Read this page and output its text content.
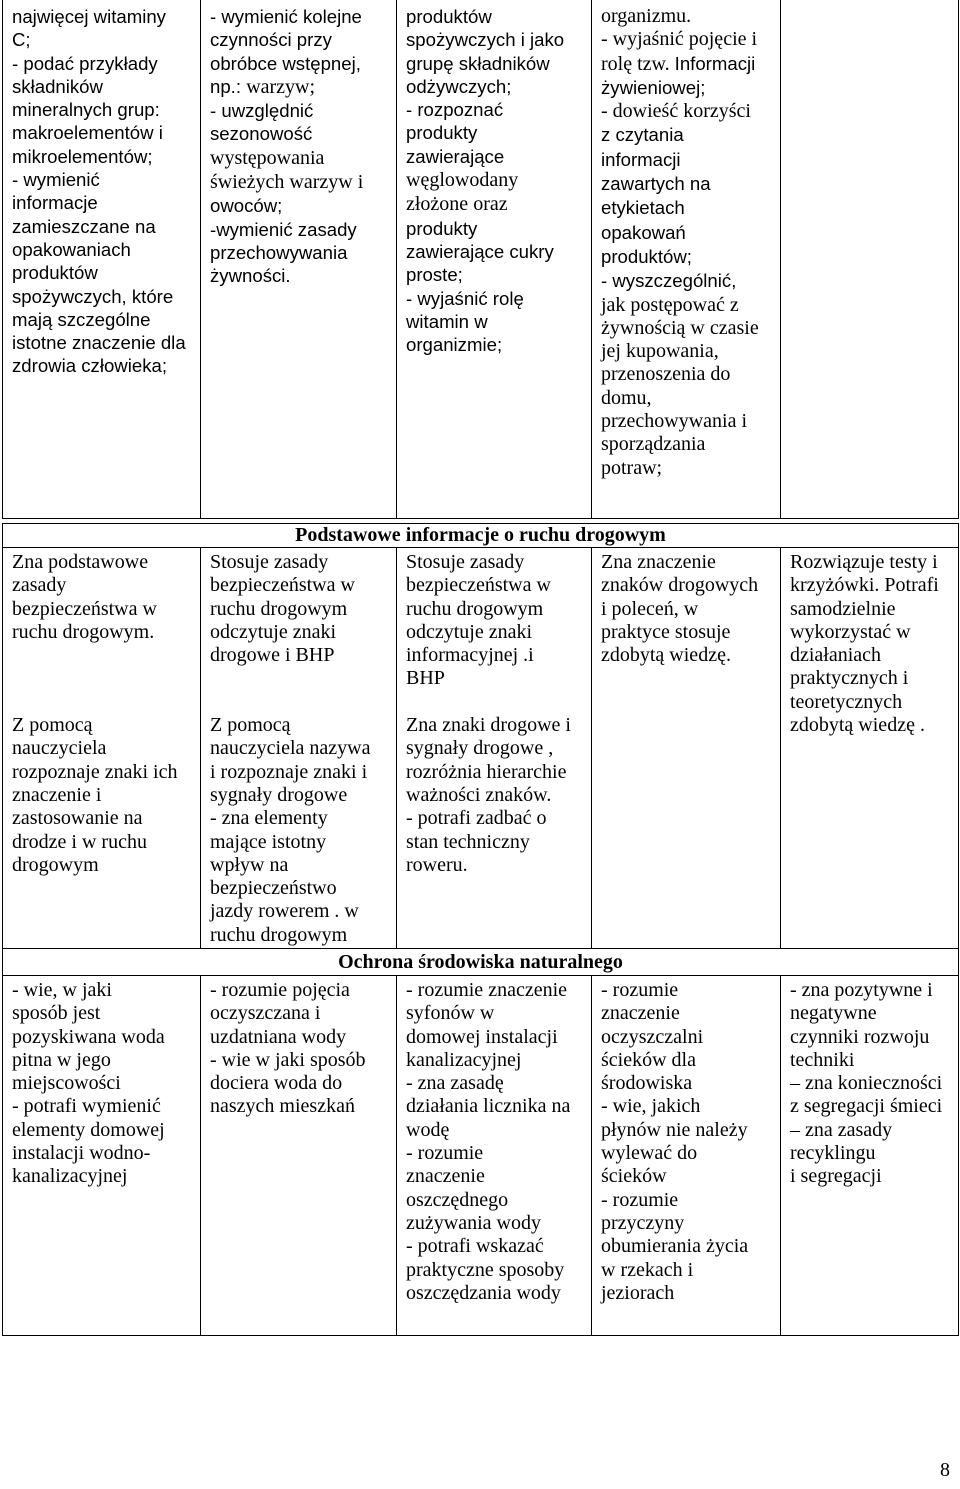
najwięcej witaminy
C;
- podać przykłady
składników
mineralnych grup:
makroelementów i
mikroelementów;
- wymienić
informacje
zamieszczane na
opakowaniach
produktów
spożywczych, które
mają szczególne
istotne znaczenie dla
zdrowia człowieka;
- wymienić kolejne
czynności przy
obróbce wstępnej,
np.: warzyw;
- uwzględnić
sezonowość
występowania
świeżych warzyw i
owoców;
-wymienić zasady
przechowywania
żywności.
produktów
spożywczych i jako
grupę składników
odżywczych;
- rozpoznać
produkty
zawierające
węglowodany
złożone oraz
produkty
zawierające cukry
proste;
- wyjaśnić rolę
witamin w
organizmie;
organizmu.
- wyjaśnić pojęcie i
rolę tzw. Informacji
żywieniowej;
- dowieść korzyści
z czytania
informacji
zawartych na
etykietach
opakowań
produktów;
- wyszczególnić,
jak postępować z
żywnością w czasie
jej kupowania,
przenoszenia do
domu,
przechowywania i
sporządzania
potraw;
Podstawowe informacje o ruchu drogowym
Zna podstawowe
zasady
bezpieczeństwa w
ruchu drogowym.

Z pomocą
nauczyciela
rozpoznaje znaki ich
znaczenie i
zastosowanie na
drodze i w ruchu
drogowym
Stosuje zasady
bezpieczeństwa w
ruchu drogowym
odczytuje znaki
drogowe i BHP

Z pomocą
nauczyciela nazywa
i rozpoznaje znaki i
sygnały drogowe
- zna elementy
mające istotny
wpływ na
bezpieczeństwo
jazdy rowerem . w
ruchu drogowym
Stosuje zasady
bezpieczeństwa w
ruchu drogowym
odczytuje znaki
informacyjnej .i
BHP

Zna znaki drogowe i
sygnały drogowe ,
rozróżnia hierarchie
ważności znaków.
- potrafi zadbać o
stan techniczny
roweru.
Zna znaczenie
znaków drogowych
i poleceń, w
praktyce stosuje
zdobytą wiedzę.
Rozwiązuje testy i
krzyżówki. Potrafi
samodzielnie
wykorzystać w
działaniach
praktycznych i
teoretycznych
zdobytą wiedzę .
Ochrona środowiska naturalnego
- wie, w jaki
sposób jest
pozyskiwana woda
pitna w jego
miejscowości
- potrafi wymienić
elementy domowej
instalacji wodno-
kanalizacyjnej
- rozumie pojęcia
oczyszczana i
uzdatniana wody
- wie w jaki sposób
dociera woda do
naszych mieszkań
- rozumie znaczenie
syfonów w
domowej instalacji
kanalizacyjnej
- zna zasadę
działania licznika na
wodę
- rozumie
znaczenie
oszczędnego
zużywania wody
- potrafi wskazać
praktyczne sposoby
oszczędzania wody
- rozumie
znaczenie
oczyszczalni
ścieków dla
środowiska
- wie, jakich
płynów nie należy
wylewać do
ścieków
- rozumie
przyczyny
obumierania życia
w rzekach i
jeziorach
- zna pozytywne i
negatywne
czynniki rozwoju
techniki
– zna konieczności
z segregacji śmieci
– zna zasady
recyklingu
i segregacji
8
